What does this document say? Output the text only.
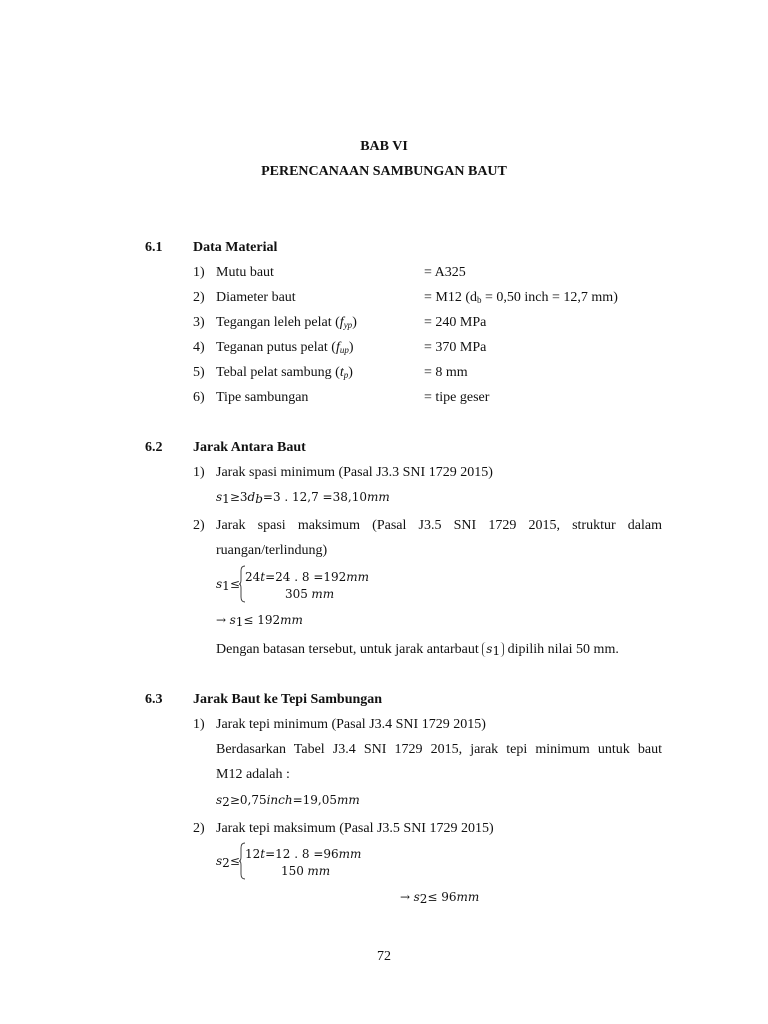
BAB VI
PERENCANAAN SAMBUNGAN BAUT
6.1 Data Material
1) Mutu baut	= A325
2) Diameter baut	= M12 ($d_b = 0,50$ inch = 12,7 mm)
3) Tegangan leleh pelat $(f_{yp})$	= 240 MPa
4) Teganan putus pelat $(f_{up})$	= 370 MPa
5) Tebal pelat sambung $(t_p)$	= 8 mm
6) Tipe sambungan	= tipe geser
6.2 Jarak Antara Baut
1) Jarak spasi minimum (Pasal J3.3 SNI 1729 2015)
$s_1\ge 3d_b=3$ . 12,7 =38,10mm
2) Jarak spasi maksimum (Pasal J3.5 SNI 1729 2015, struktur dalam
ruangan/terlindung)
$s_1\le 24t=24$ . 8 =192mm
305 mm
→ $s_1\le 192mm$
Dengan batasan tersebut, untuk jarak antarbaut $s_1$ dipilih nilai 50 mm.
6.3 Jarak Baut ke Tepi Sambungan
1) Jarak tepi minimum (Pasal J3.4 SNI 1729 2015)
Berdasarkan Tabel J3.4 SNI 1729 2015, jarak tepi minimum untuk baut
M12 adalah :
$s_2\ge 0,75inch=19,05mm$
2) Jarak tepi maksimum (Pasal J3.5 SNI 1729 2015)
$s_2\le 12t=12$ . 8 =96mm
150 mm
→ $s_2\le 96mm$
72
